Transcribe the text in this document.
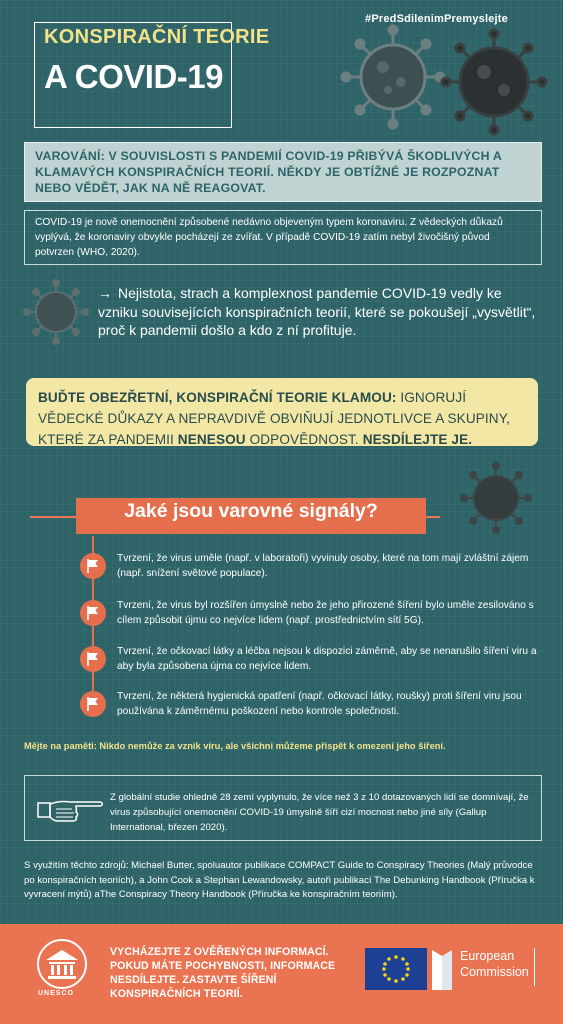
#PredSdilenimPremyslejte
KONSPIRAČNÍ TEORIE
A COVID-19

VAROVÁNÍ: V SOUVISLOSTI S PANDEMIÍ COVID-19 PŘIBÝVÁ ŠKODLIVÝCH A KLAMAVÝCH KONSPIRAČNÍCH TEORIÍ. NĚKDY JE OBTÍŽNÉ JE ROZPOZNAT NEBO VĚDĚT, JAK NA NĚ REAGOVAT.

COVID-19 je nově onemocnění způsobené nedávno objeveným typem koronaviru. Z vědeckých důkazů vyplývá, že koronaviry obvykle pocházejí ze zvířat. V případě COVID-19 zatím nebyl živočišný původ potvrzen (WHO, 2020).

→ Nejistota, strach a komplexnost pandemie COVID-19 vedly ke vzniku souvisejících konspiračních teorií, které se pokoušejí „vysvětlit“, proč k pandemii došlo a kdo z ní profituje.

BUĎTE OBEZŘETNÍ, KONSPIRAČNÍ TEORIE KLAMOU: IGNORUJÍ VĚDECKÉ DŮKAZY A NEPRAVDIVĚ OBVIŇUJÍ JEDNOTLIVCE A SKUPINY, KTERÉ ZA PANDEMII NENESOU ODPOVĚDNOST. NESDÍLEJTE JE.

Jaké jsou varovné signály?
Tvrzení, že virus uměle (např. v laboratoři) vyvinuly osoby, které na tom mají zvláštní zájem (např. snížení světové populace).
Tvrzení, že virus byl rozšířen úmyslně nebo že jeho přirozené šíření bylo uměle zesilováno s cílem způsobit újmu co nejvíce lidem (např. prostřednictvím sítí 5G).
Tvrzení, že očkovací látky a léčba nejsou k dispozici záměrně, aby se nenarušilo šíření viru a aby byla způsobena újma co nejvíce lidem.
Tvrzení, že některá hygienická opatření (např. očkovací látky, roušky) proti šíření viru jsou používána k záměrnému poškození nebo kontrole společnosti.
Mějte na paměti: Nikdo nemůže za vznik viru, ale všichni můžeme přispět k omezení jeho šíření.
Z globální studie ohledně 28 zemí vyplynulo, že více než 3 z 10 dotazovaných lidí se domnívají, že virus způsobující onemocnění COVID-19 úmyslně šíří cizí mocnost nebo jiné síly (Gallup International, březen 2020).
S využitím těchto zdrojů: Michael Butter, spoluautor publikace COMPACT Guide to Conspiracy Theories (Malý průvodce po konspiračních teoriích), a John Cook a Stephan Lewandowsky, autoři publikací The Debunking Handbook (Příručka k vyvracení mýtů) aThe Conspiracy Theory Handbook (Příručka ke konspiračním teoriím).
UNESCO
VYCHÁZEJTE Z OVĚŘENÝCH INFORMACÍ. POKUD MÁTE POCHYBNOSTI, INFORMACE NESDÍLEJTE. ZASTAVTE ŠÍŘENÍ KONSPIRAČNÍCH TEORIÍ.
European
Commission
